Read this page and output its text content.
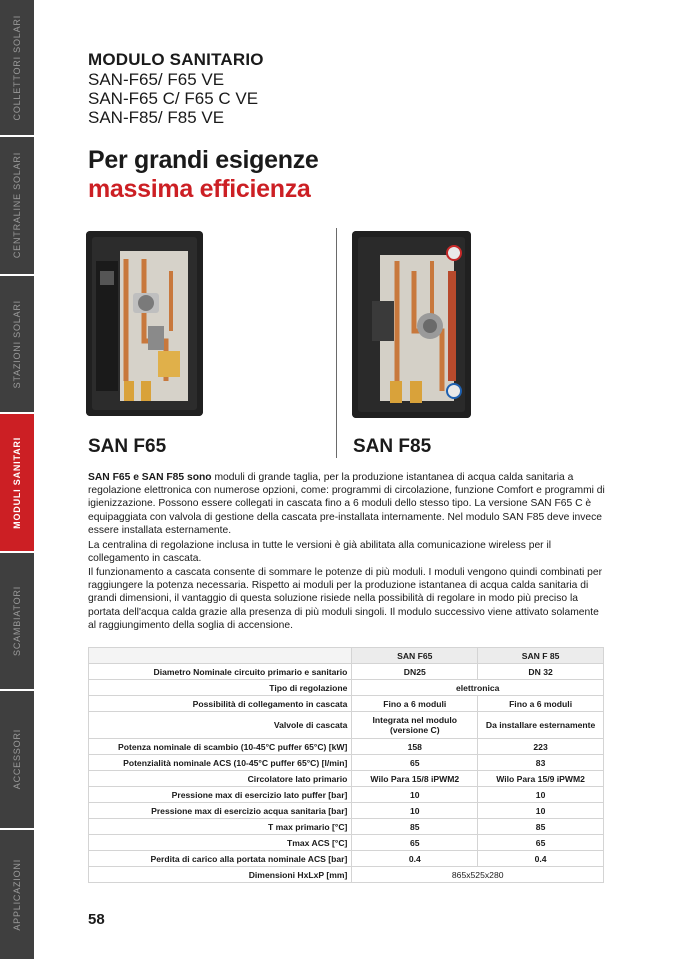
COLLETTORI SOLARI
CENTRALINE SOLARI
STAZIONI SOLARI
MODULI SANITARI
SCAMBIATORI
ACCESSORI
APPLICAZIONI
MODULO SANITARIO
SAN-F65/ F65 VE
SAN-F65 C/ F65 C VE
SAN-F85/ F85 VE
Per grandi esigenze
massima efficienza
SAN F65	SAN F85
SAN F65 e SAN F85 sono moduli di grande taglia, per la produzione istantanea di acqua calda sanitaria a regolazione elettronica con numerose opzioni, come: programmi di circolazione, funzione Comfort e programmi di igienizzazione. Possono essere collegati in cascata fino a 6 moduli dello stesso tipo. La versione SAN F65 C è equipaggiata con valvola di gestione della cascata pre-installata internamente. Nel modulo SAN F85 deve invece essere installata esternamente.
La centralina di regolazione inclusa in tutte le versioni è già abilitata alla comunicazione wireless per il collegamento in cascata.
Il funzionamento a cascata consente di sommare le potenze di più moduli. I moduli vengono quindi combinati per raggiungere la potenza necessaria. Rispetto ai moduli per la produzione istantanea di acqua calda sanitaria di grandi dimensioni, il vantaggio di questa soluzione risiede nella possibilità di regolare in modo più preciso la portata dell'acqua calda grazie alla presenza di più moduli singoli. Il modulo successivo viene attivato solamente al raggiungimento della soglia di accensione.
	SAN F65	SAN F 85
Diametro Nominale circuito primario e sanitario	DN25	DN 32
Tipo di regolazione	elettronica	
Possibilità di collegamento in cascata	Fino a 6 moduli	Fino a 6 moduli
Valvole di cascata	Integrata nel modulo (versione C)	Da installare esternamente
Potenza nominale di scambio (10-45°C puffer 65°C) [kW]	158	223
Potenzialità nominale ACS (10-45°C puffer 65°C) [l/min]	65	83
Circolatore lato primario	Wilo Para 15/8 iPWM2	Wilo Para 15/9 iPWM2
Pressione max di esercizio lato puffer [bar]	10	10
Pressione max di esercizio acqua sanitaria [bar]	10	10
T max primario [°C]	85	85
Tmax ACS [°C]	65	65
Perdita di carico alla portata nominale ACS [bar]	0.4	0.4
Dimensioni HxLxP [mm]	865x525x280	
58
